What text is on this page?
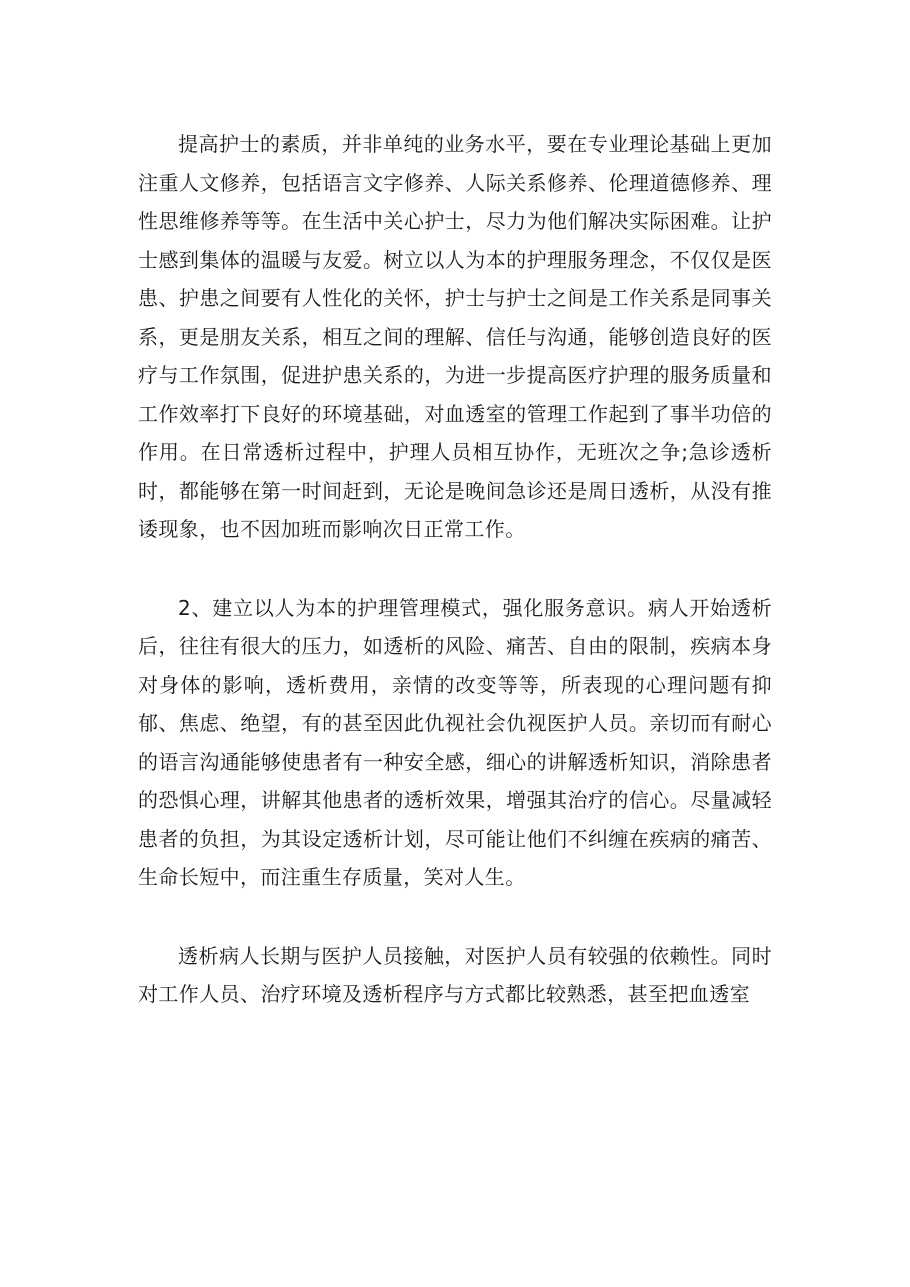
提高护士的素质，并非单纯的业务水平，要在专业理论基础上更加注重人文修养，包括语言文字修养、人际关系修养、伦理道德修养、理性思维修养等等。在生活中关心护士，尽力为他们解决实际困难。让护士感到集体的温暖与友爱。树立以人为本的护理服务理念，不仅仅是医患、护患之间要有人性化的关怀，护士与护士之间是工作关系是同事关系，更是朋友关系，相互之间的理解、信任与沟通，能够创造良好的医疗与工作氛围，促进护患关系的，为进一步提高医疗护理的服务质量和工作效率打下良好的环境基础，对血透室的管理工作起到了事半功倍的作用。在日常透析过程中，护理人员相互协作，无班次之争;急诊透析时，都能够在第一时间赶到，无论是晚间急诊还是周日透析，从没有推诿现象，也不因加班而影响次日正常工作。

2、建立以人为本的护理管理模式，强化服务意识。病人开始透析后，往往有很大的压力，如透析的风险、痛苦、自由的限制，疾病本身对身体的影响，透析费用，亲情的改变等等，所表现的心理问题有抑郁、焦虑、绝望，有的甚至因此仇视社会仇视医护人员。亲切而有耐心的语言沟通能够使患者有一种安全感，细心的讲解透析知识，消除患者的恐惧心理，讲解其他患者的透析效果，增强其治疗的信心。尽量减轻患者的负担，为其设定透析计划，尽可能让他们不纠缠在疾病的痛苦、生命长短中，而注重生存质量，笑对人生。

透析病人长期与医护人员接触，对医护人员有较强的依赖性。同时对工作人员、治疗环境及透析程序与方式都比较熟悉，甚至把血透室
